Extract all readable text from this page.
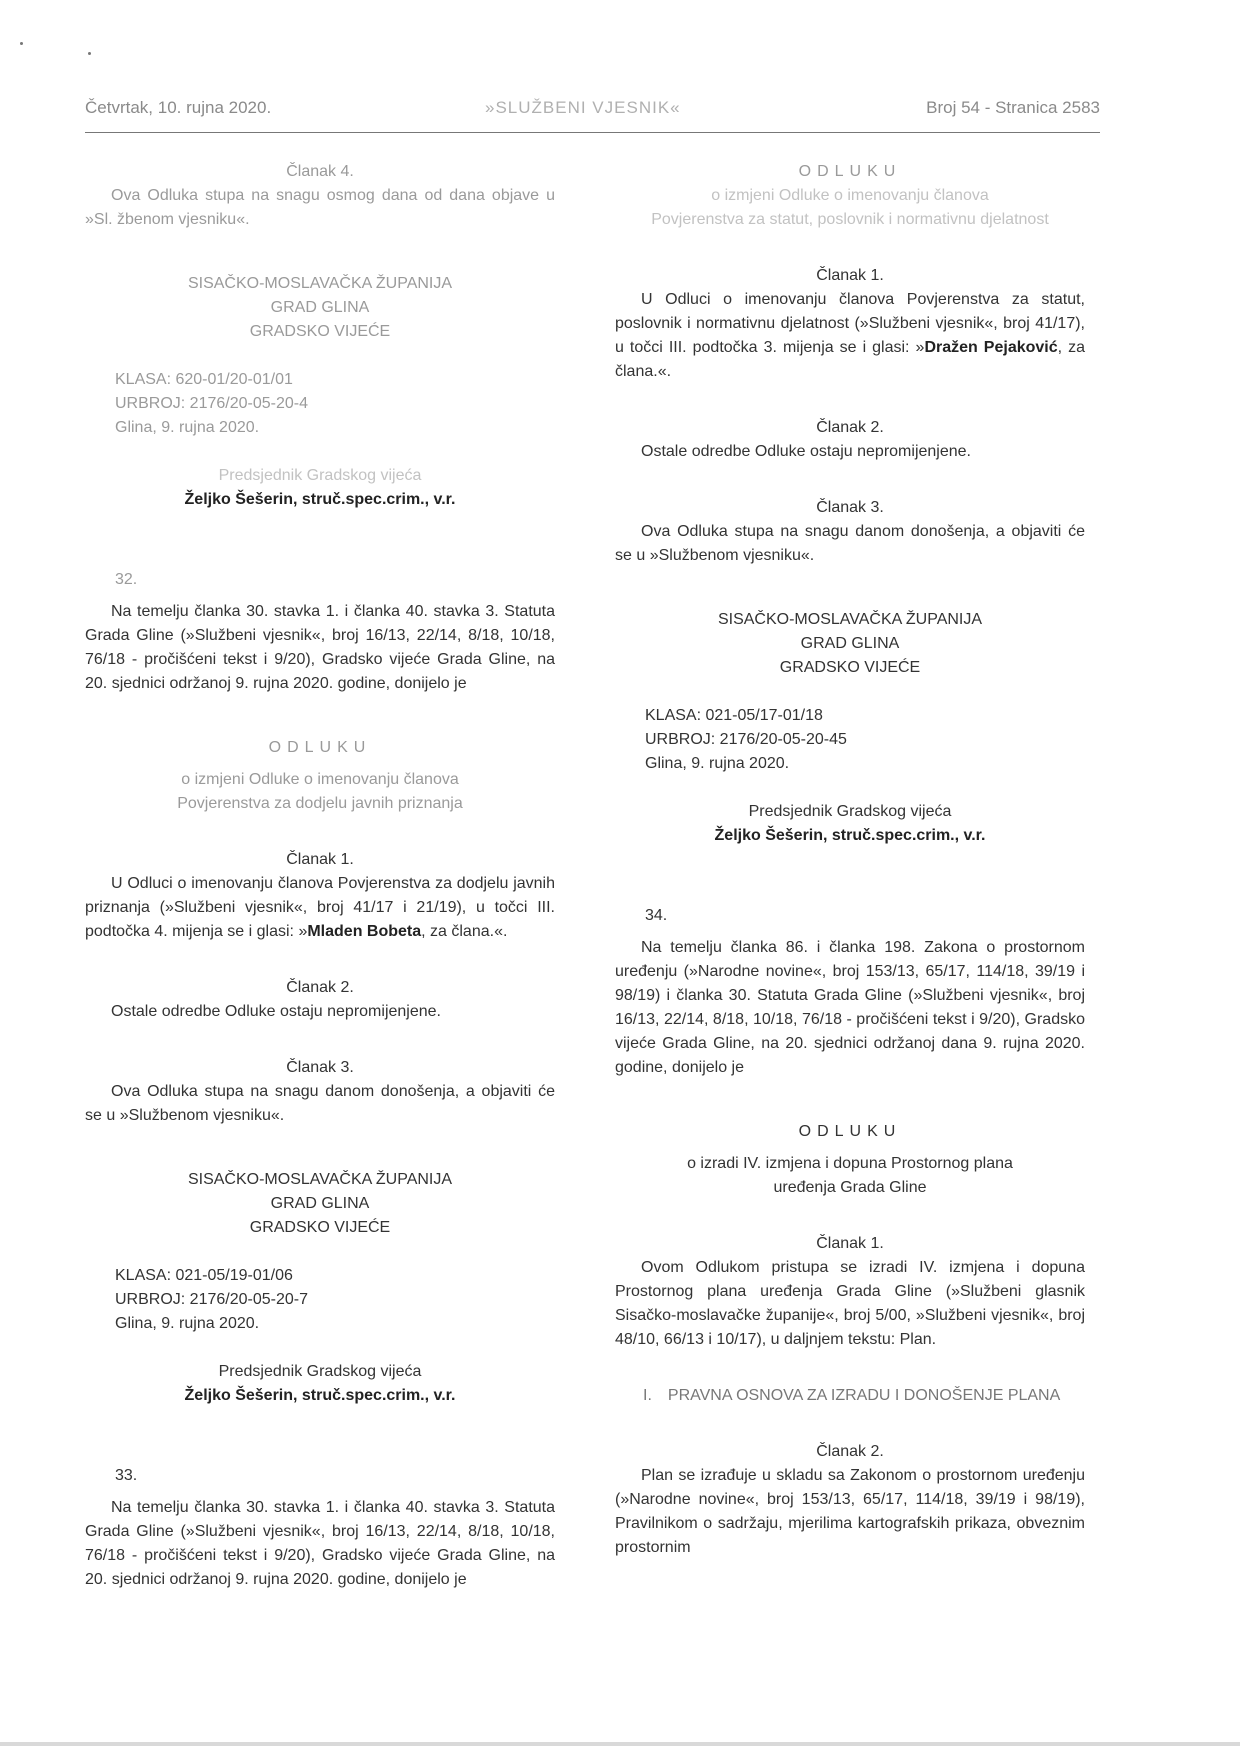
Četvrtak, 10. rujna 2020.	»SLUŽBENI VJESNIK«	Broj 54 - Stranica 2583

Članak 4.

Ova Odluka stupa na snagu osmog dana od dana objave u »Sl. žbenom vjesniku«.

SISAČKO-MOSLAVAČKA ŽUPANIJA

GRAD GLINA

GRADSKO VIJEĆE

KLASA: 620-01/20-01/01

URBROJ: 2176/20-05-20-4

Glina, 9. rujna 2020.

Predsjednik Gradskog vijeća

Željko Šešerin, struč.spec.crim., v.r.

32.

Na temelju članka 30. stavka 1. i članka 40. stavka 3. Statuta Grada Gline (»Službeni vjesnik«, broj 16/13, 22/14, 8/18, 10/18, 76/18 - pročišćeni tekst i 9/20), Gradsko vijeće Grada Gline, na 20. sjednici održanoj 9. rujna 2020. godine, donijelo je

ODLUKU

o izmjeni Odluke o imenovanju članova

Povjerenstva za dodjelu javnih priznanja

Članak 1.

U Odluci o imenovanju članova Povjerenstva za dodjelu javnih priznanja (»Službeni vjesnik«, broj 41/17 i 21/19), u točci III. podtočka 4. mijenja se i glasi: »Mladen Bobeta, za člana.«.

Članak 2.

Ostale odredbe Odluke ostaju nepromijenjene.

Članak 3.

Ova Odluka stupa na snagu danom donošenja, a objaviti će se u »Službenom vjesniku«.

SISAČKO-MOSLAVAČKA ŽUPANIJA

GRAD GLINA

GRADSKO VIJEĆE

KLASA: 021-05/19-01/06

URBROJ: 2176/20-05-20-7

Glina, 9. rujna 2020.

Predsjednik Gradskog vijeća

Željko Šešerin, struč.spec.crim., v.r.

33.

Na temelju članka 30. stavka 1. i članka 40. stavka 3. Statuta Grada Gline (»Službeni vjesnik«, broj 16/13, 22/14, 8/18, 10/18, 76/18 - pročišćeni tekst i 9/20), Gradsko vijeće Grada Gline, na 20. sjednici održanoj 9. rujna 2020. godine, donijelo je

ODLUKU

o izmjeni Odluke o imenovanju članova

Povjerenstva za statut, poslovnik i normativnu djelatnost

Članak 1.

U Odluci o imenovanju članova Povjerenstva za statut, poslovnik i normativnu djelatnost (»Službeni vjesnik«, broj 41/17), u točci III. podtočka 3. mijenja se i glasi: »Dražen Pejaković, za člana.«.

Članak 2.

Ostale odredbe Odluke ostaju nepromijenjene.

Članak 3.

Ova Odluka stupa na snagu danom donošenja, a objaviti će se u »Službenom vjesniku«.

SISAČKO-MOSLAVAČKA ŽUPANIJA

GRAD GLINA

GRADSKO VIJEĆE

KLASA: 021-05/17-01/18

URBROJ: 2176/20-05-20-45

Glina, 9. rujna 2020.

Predsjednik Gradskog vijeća

Željko Šešerin, struč.spec.crim., v.r.

34.

Na temelju članka 86. i članka 198. Zakona o prostornom uređenju (»Narodne novine«, broj 153/13, 65/17, 114/18, 39/19 i 98/19) i članka 30. Statuta Grada Gline (»Službeni vjesnik«, broj 16/13, 22/14, 8/18, 10/18, 76/18 - pročišćeni tekst i 9/20), Gradsko vijeće Grada Gline, na 20. sjednici održanoj dana 9. rujna 2020. godine, donijelo je

ODLUKU

o izradi IV. izmjena i dopuna Prostornog plana

uređenja Grada Gline

Članak 1.

Ovom Odlukom pristupa se izradi IV. izmjena i dopuna Prostornog plana uređenja Grada Gline (»Službeni glasnik Sisačko-moslavačke županije«, broj 5/00, »Službeni vjesnik«, broj 48/10, 66/13 i 10/17), u daljnjem tekstu: Plan.

I. PRAVNA OSNOVA ZA IZRADU I DONOŠENJE PLANA

Članak 2.

Plan se izrađuje u skladu sa Zakonom o prostornom uređenju (»Narodne novine«, broj 153/13, 65/17, 114/18, 39/19 i 98/19), Pravilnikom o sadržaju, mjerilima kartografskih prikaza, obveznim prostornim
